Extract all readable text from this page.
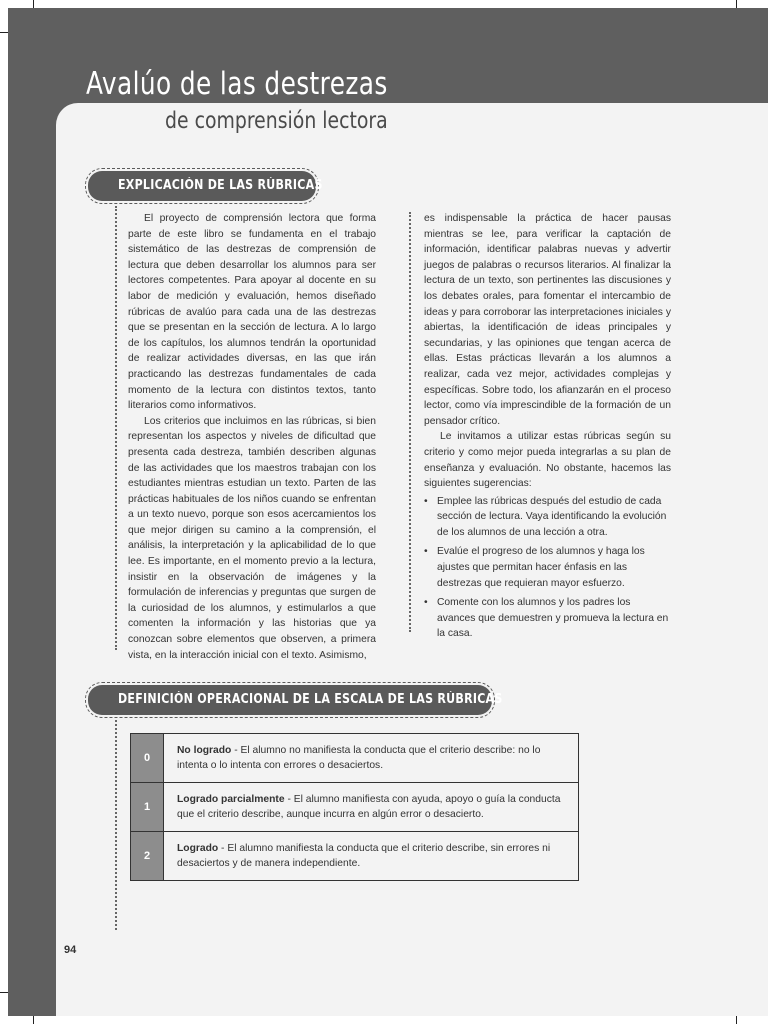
Avalúo de las destrezas
de comprensión lectora
EXPLICACIÓN DE LAS RÚBRICAS

El proyecto de comprensión lectora que forma parte de este libro se fundamenta en el trabajo sistemático de las destrezas de comprensión de lectura que deben desarrollar los alumnos para ser lectores competentes. Para apoyar al docente en su labor de medición y evaluación, hemos diseñado rúbricas de avalúo para cada una de las destrezas que se presentan en la sección de lectura. A lo largo de los capítulos, los alumnos tendrán la oportunidad de realizar actividades diversas, en las que irán practicando las destrezas fundamentales de cada momento de la lectura con distintos textos, tanto literarios como informativos.

Los criterios que incluimos en las rúbricas, si bien representan los aspectos y niveles de dificultad que presenta cada destreza, también describen algunas de las actividades que los maestros trabajan con los estudiantes mientras estudian un texto. Parten de las prácticas habituales de los niños cuando se enfrentan a un texto nuevo, porque son esos acercamientos los que mejor dirigen su camino a la comprensión, el análisis, la interpretación y la aplicabilidad de lo que lee. Es importante, en el momento previo a la lectura, insistir en la observación de imágenes y la formulación de inferencias y preguntas que surgen de la curiosidad de los alumnos, y estimularlos a que comenten la información y las historias que ya conozcan sobre elementos que observen, a primera vista, en la interacción inicial con el texto. Asimismo,

es indispensable la práctica de hacer pausas mientras se lee, para verificar la captación de información, identificar palabras nuevas y advertir juegos de palabras o recursos literarios. Al finalizar la lectura de un texto, son pertinentes las discusiones y los debates orales, para fomentar el intercambio de ideas y para corroborar las interpretaciones iniciales y abiertas, la identificación de ideas principales y secundarias, y las opiniones que tengan acerca de ellas. Estas prácticas llevarán a los alumnos a realizar, cada vez mejor, actividades complejas y específicas. Sobre todo, los afianzarán en el proceso lector, como vía imprescindible de la formación de un pensador crítico.

Le invitamos a utilizar estas rúbricas según su criterio y como mejor pueda integrarlas a su plan de enseñanza y evaluación. No obstante, hacemos las siguientes sugerencias:

• Emplee las rúbricas después del estudio de cada sección de lectura. Vaya identificando la evolución de los alumnos de una lección a otra.
• Evalúe el progreso de los alumnos y haga los ajustes que permitan hacer énfasis en las destrezas que requieran mayor esfuerzo.
• Comente con los alumnos y los padres los avances que demuestren y promueva la lectura en la casa.
DEFINICIÓN OPERACIONAL DE LA ESCALA DE LAS RÚBRICAS
0	No logrado - El alumno no manifiesta la conducta que el criterio describe: no lo intenta o lo intenta con errores o desaciertos.
1	Logrado parcialmente - El alumno manifiesta con ayuda, apoyo o guía la conducta que el criterio describe, aunque incurra en algún error o desacierto.
2	Logrado - El alumno manifiesta la conducta que el criterio describe, sin errores ni desaciertos y de manera independiente.
94
